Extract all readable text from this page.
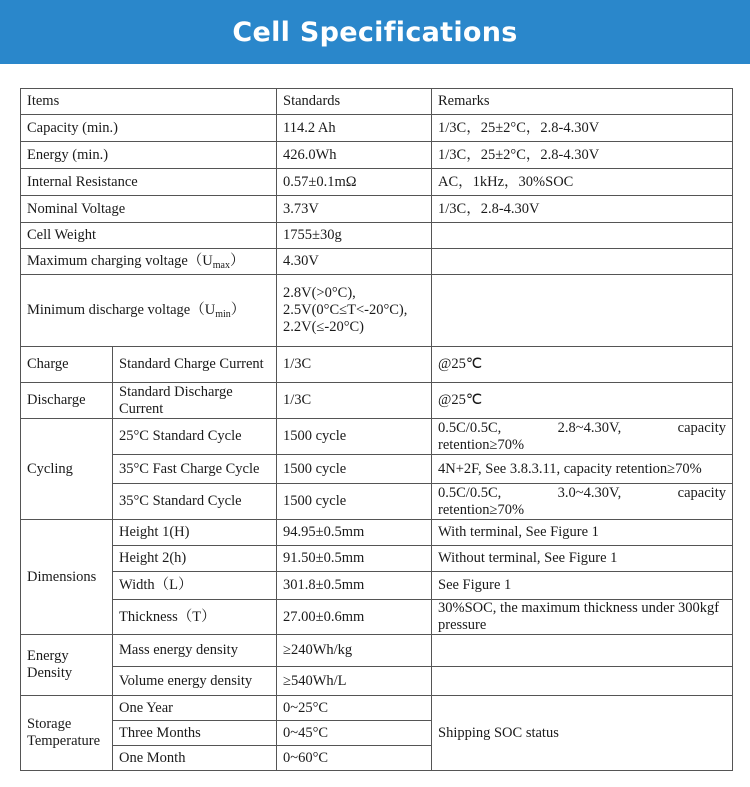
Cell Specifications
Items		Standards	Remarks
Capacity (min.)		114.2 Ah	1/3C，25±2°C，2.8-4.30V
Energy (min.)		426.0Wh	1/3C，25±2°C，2.8-4.30V
Internal Resistance		0.57±0.1mΩ	AC，1kHz，30%SOC
Nominal Voltage		3.73V	1/3C，2.8-4.30V
Cell Weight		1755±30g	
Maximum charging $voltage(U_{max})$		4.30V	
Minimum discharge $voltage(U_{min})$		2.8V(>0°C),
2.5V(0°C≤T<-20°C),
2.2V(≤-20°C)	

Charge	Standard Charge Current	1/3C	@25℃
Discharge	Standard Discharge Current	1/3C	@25℃
Cycling	25°C Standard Cycle	1500 cycle	0.5C/0.5C, 2.8~4.30V, capacity
retention≥70%

	35°C Fast Charge Cycle	1500 cycle	4N+2F, See 3.8.3.11, capacity retention≥70%
	35°C Standard Cycle	1500 cycle	0.5C/0.5C, 3.0~4.30V, capacity
retention≥70%

Dimensions	Height 1(H)	94.95±0.5mm	With terminal, See Figure 1
	Height 2(h)	91.50±0.5mm	Without terminal, See Figure 1
	Width（L）	301.8±0.5mm	See Figure 1
	Thickness（T）	27.00±0.6mm	30%SOC, the maximum thickness under 300kgf pressure
Energy Density	Mass energy density	≥240Wh/kg	
	Volume energy density	≥540Wh/L	
Storage Temperature	One Year	0~25°C	Shipping SOC status
	Three Months	0~45°C	
	One Month	0~60°C	
